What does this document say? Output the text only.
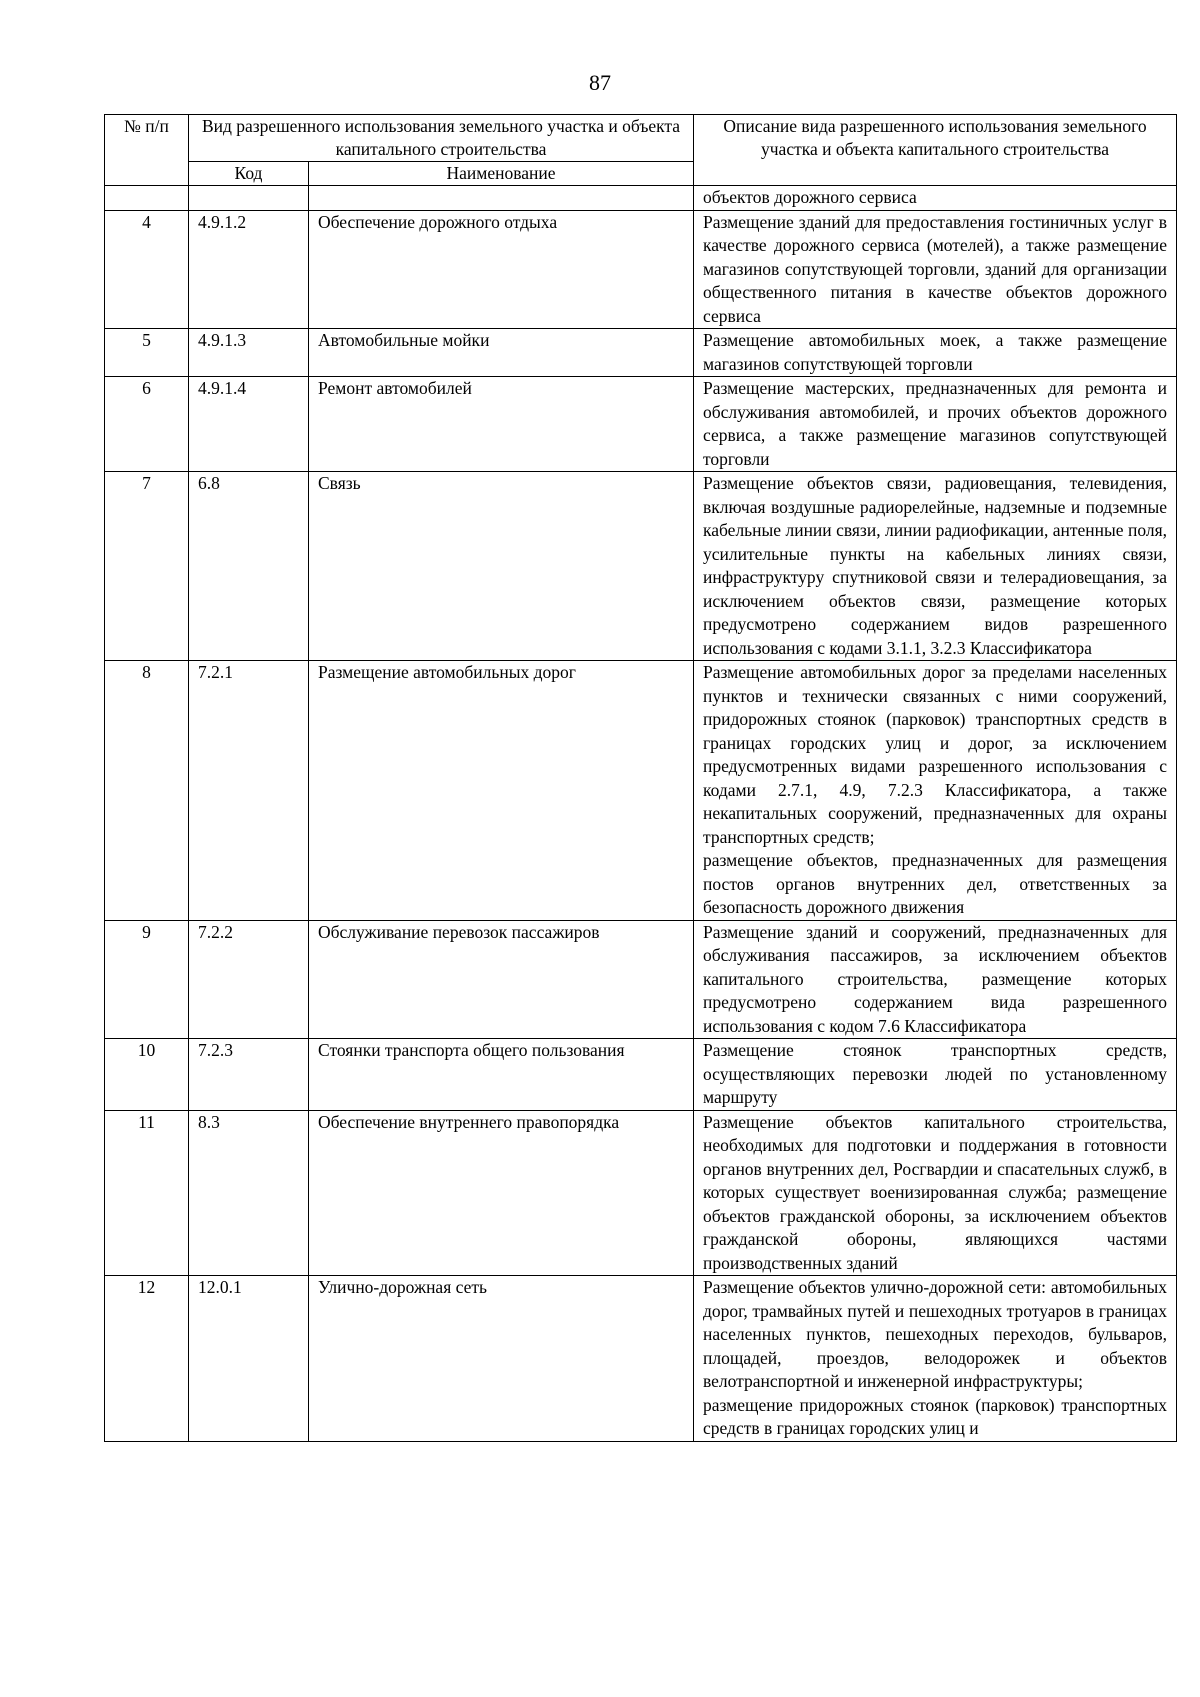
87
№ п/п	Вид разрешенного использования земельного участка и объекта капитального строительства		Описание вида разрешенного использования земельного участка и объекта капитального строительства
	Код	Наименование	
			объектов дорожного сервиса
4	4.9.1.2	Обеспечение дорожного отдыха	Размещение зданий для предоставления гостиничных услуг в качестве дорожного сервиса (мотелей), а также размещение магазинов сопутствующей торговли, зданий для организации общественного питания в качестве объектов дорожного сервиса

5	4.9.1.3	Автомобильные мойки	Размещение автомобильных моек, а также размещение магазинов сопутствующей торговли

6	4.9.1.4	Ремонт автомобилей	Размещение мастерских, предназначенных для ремонта и обслуживания автомобилей, и прочих объектов дорожного сервиса, а также размещение магазинов сопутствующей торговли

7	6.8	Связь	Размещение объектов связи, радиовещания, телевидения, включая воздушные радиорелейные, надземные и подземные кабельные линии связи, линии радиофикации, антенные поля, усилительные пункты на кабельных линиях связи, инфраструктуру спутниковой связи и телерадиовещания, за исключением объектов связи, размещение которых предусмотрено содержанием видов разрешенного использования с кодами 3.1.1, 3.2.3 Классификатора

8	7.2.1	Размещение автомобильных дорог	Размещение автомобильных дорог за пределами населенных пунктов и технически связанных с ними сооружений, придорожных стоянок (парковок) транспортных средств в границах городских улиц и дорог, за исключением предусмотренных видами разрешенного использования с кодами 2.7.1, 4.9, 7.2.3 Классификатора, а также некапитальных сооружений, предназначенных для охраны транспортных средств;

размещение объектов, предназначенных для размещения постов органов внутренних дел, ответственных за безопасность дорожного движения

9	7.2.2	Обслуживание перевозок пассажиров	Размещение зданий и сооружений, предназначенных для обслуживания пассажиров, за исключением объектов капитального строительства, размещение которых предусмотрено содержанием вида разрешенного использования с кодом 7.6 Классификатора

10	7.2.3	Стоянки транспорта общего пользования	Размещение стоянок транспортных средств, осуществляющих перевозки людей по установленному маршруту

11	8.3	Обеспечение внутреннего правопорядка	Размещение объектов капитального строительства, необходимых для подготовки и поддержания в готовности органов внутренних дел, Росгвардии и спасательных служб, в которых существует военизированная служба; размещение объектов гражданской обороны, за исключением объектов гражданской обороны, являющихся частями производственных зданий

12	12.0.1	Улично-дорожная сеть	Размещение объектов улично-дорожной сети: автомобильных дорог, трамвайных путей и пешеходных тротуаров в границах населенных пунктов, пешеходных переходов, бульваров, площадей, проездов, велодорожек и объектов велотранспортной и инженерной инфраструктуры;

размещение придорожных стоянок (парковок) транспортных средств в границах городских улиц и
